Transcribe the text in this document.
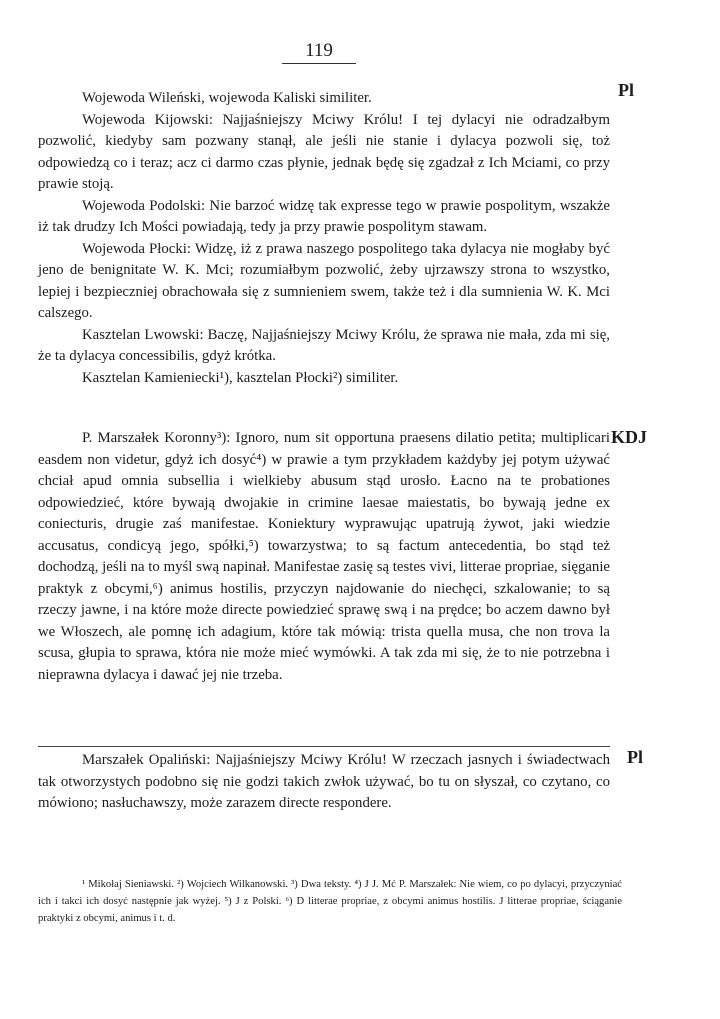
119
Pl
KDJ
Pl

Wojewoda Wileński, wojewoda Kaliski similiter.

Wojewoda Kijowski: Najjaśniejszy Mciwy Królu! I tej dylacyi nie odradzałbym pozwolić, kiedyby sam pozwany stanął, ale jeśli nie stanie i dylacya pozwoli się, toż odpowiedzą co i teraz; acz ci darmo czas płynie, jednak będę się zgadzał z Ich Mciami, co przy prawie stoją.

Wojewoda Podolski: Nie barzoć widzę tak expresse tego w prawie pospolitym, wszakże iż tak drudzy Ich Mości powiadają, tedy ja przy prawie pospolitym stawam.

Wojewoda Płocki: Widzę, iż z prawa naszego pospolitego taka dylacya nie mogłaby być jeno de benignitate W. K. Mci; rozumiałbym pozwolić, żeby ujrzawszy strona to wszystko, lepiej i bezpieczniej obrachowała się z sumnieniem swem, także też i dla sumnienia W. K. Mci calszego.

Kasztelan Lwowski: Baczę, Najjaśniejszy Mciwy Królu, że sprawa nie mała, zda mi się, że ta dylacya concessibilis, gdyż krótka.

Kasztelan Kamieniecki¹), kasztelan Płocki²) similiter.

P. Marszałek Koronny³): Ignoro, num sit opportuna praesens dilatio petita; multiplicari easdem non videtur, gdyż ich dosyć⁴) w prawie a tym przykładem każdyby jej potym używać chciał apud omnia subsellia i wielkieby abusum stąd urosło. Łacno na te probationes odpowiedzieć, które bywają dwojakie in crimine laesae maiestatis, bo bywają jedne ex coniecturis, drugie zaś manifestae. Koniektury wyprawując upatrują żywot, jaki wiedzie accusatus, condicyą jego, spółki,⁵) towarzystwa; to są factum antecedentia, bo stąd też dochodzą, jeśli na to myśl swą napinał. Manifestae zasię są testes vivi, litterae propriae, sięganie praktyk z obcymi,⁶) animus hostilis, przyczyn najdowanie do niechęci, szkalowanie; to są rzeczy jawne, i na które może directe powiedzieć sprawę swą i na prędce; bo aczem dawno był we Włoszech, ale pomnę ich adagium, które tak mówią: trista quella musa, che non trova la scusa, głupia to sprawa, która nie może mieć wymówki. A tak zda mi się, że to nie potrzebna i nieprawna dylacya i dawać jej nie trzeba.

Marszałek Opaliński: Najjaśniejszy Mciwy Królu! W rzeczach jasnych i świadectwach tak otworzystych podobno się nie godzi takich zwłok używać, bo tu on słyszał, co czytano, co mówiono; nasłuchawszy, może zarazem directe respondere.

¹ Mikołaj Sieniawski. ²) Wojciech Wilkanowski. ³) Dwa teksty. ⁴) J J. Mć P. Marszałek: Nie wiem, co po dylacyi, przyczyniać ich i takci ich dosyć następnie jak wyżej. ⁵) J z Polski. ⁶) D litterae propriae, z obcymi animus hostilis. J litterae propriae, ściąganie praktyki z obcymi, animus i t. d.
